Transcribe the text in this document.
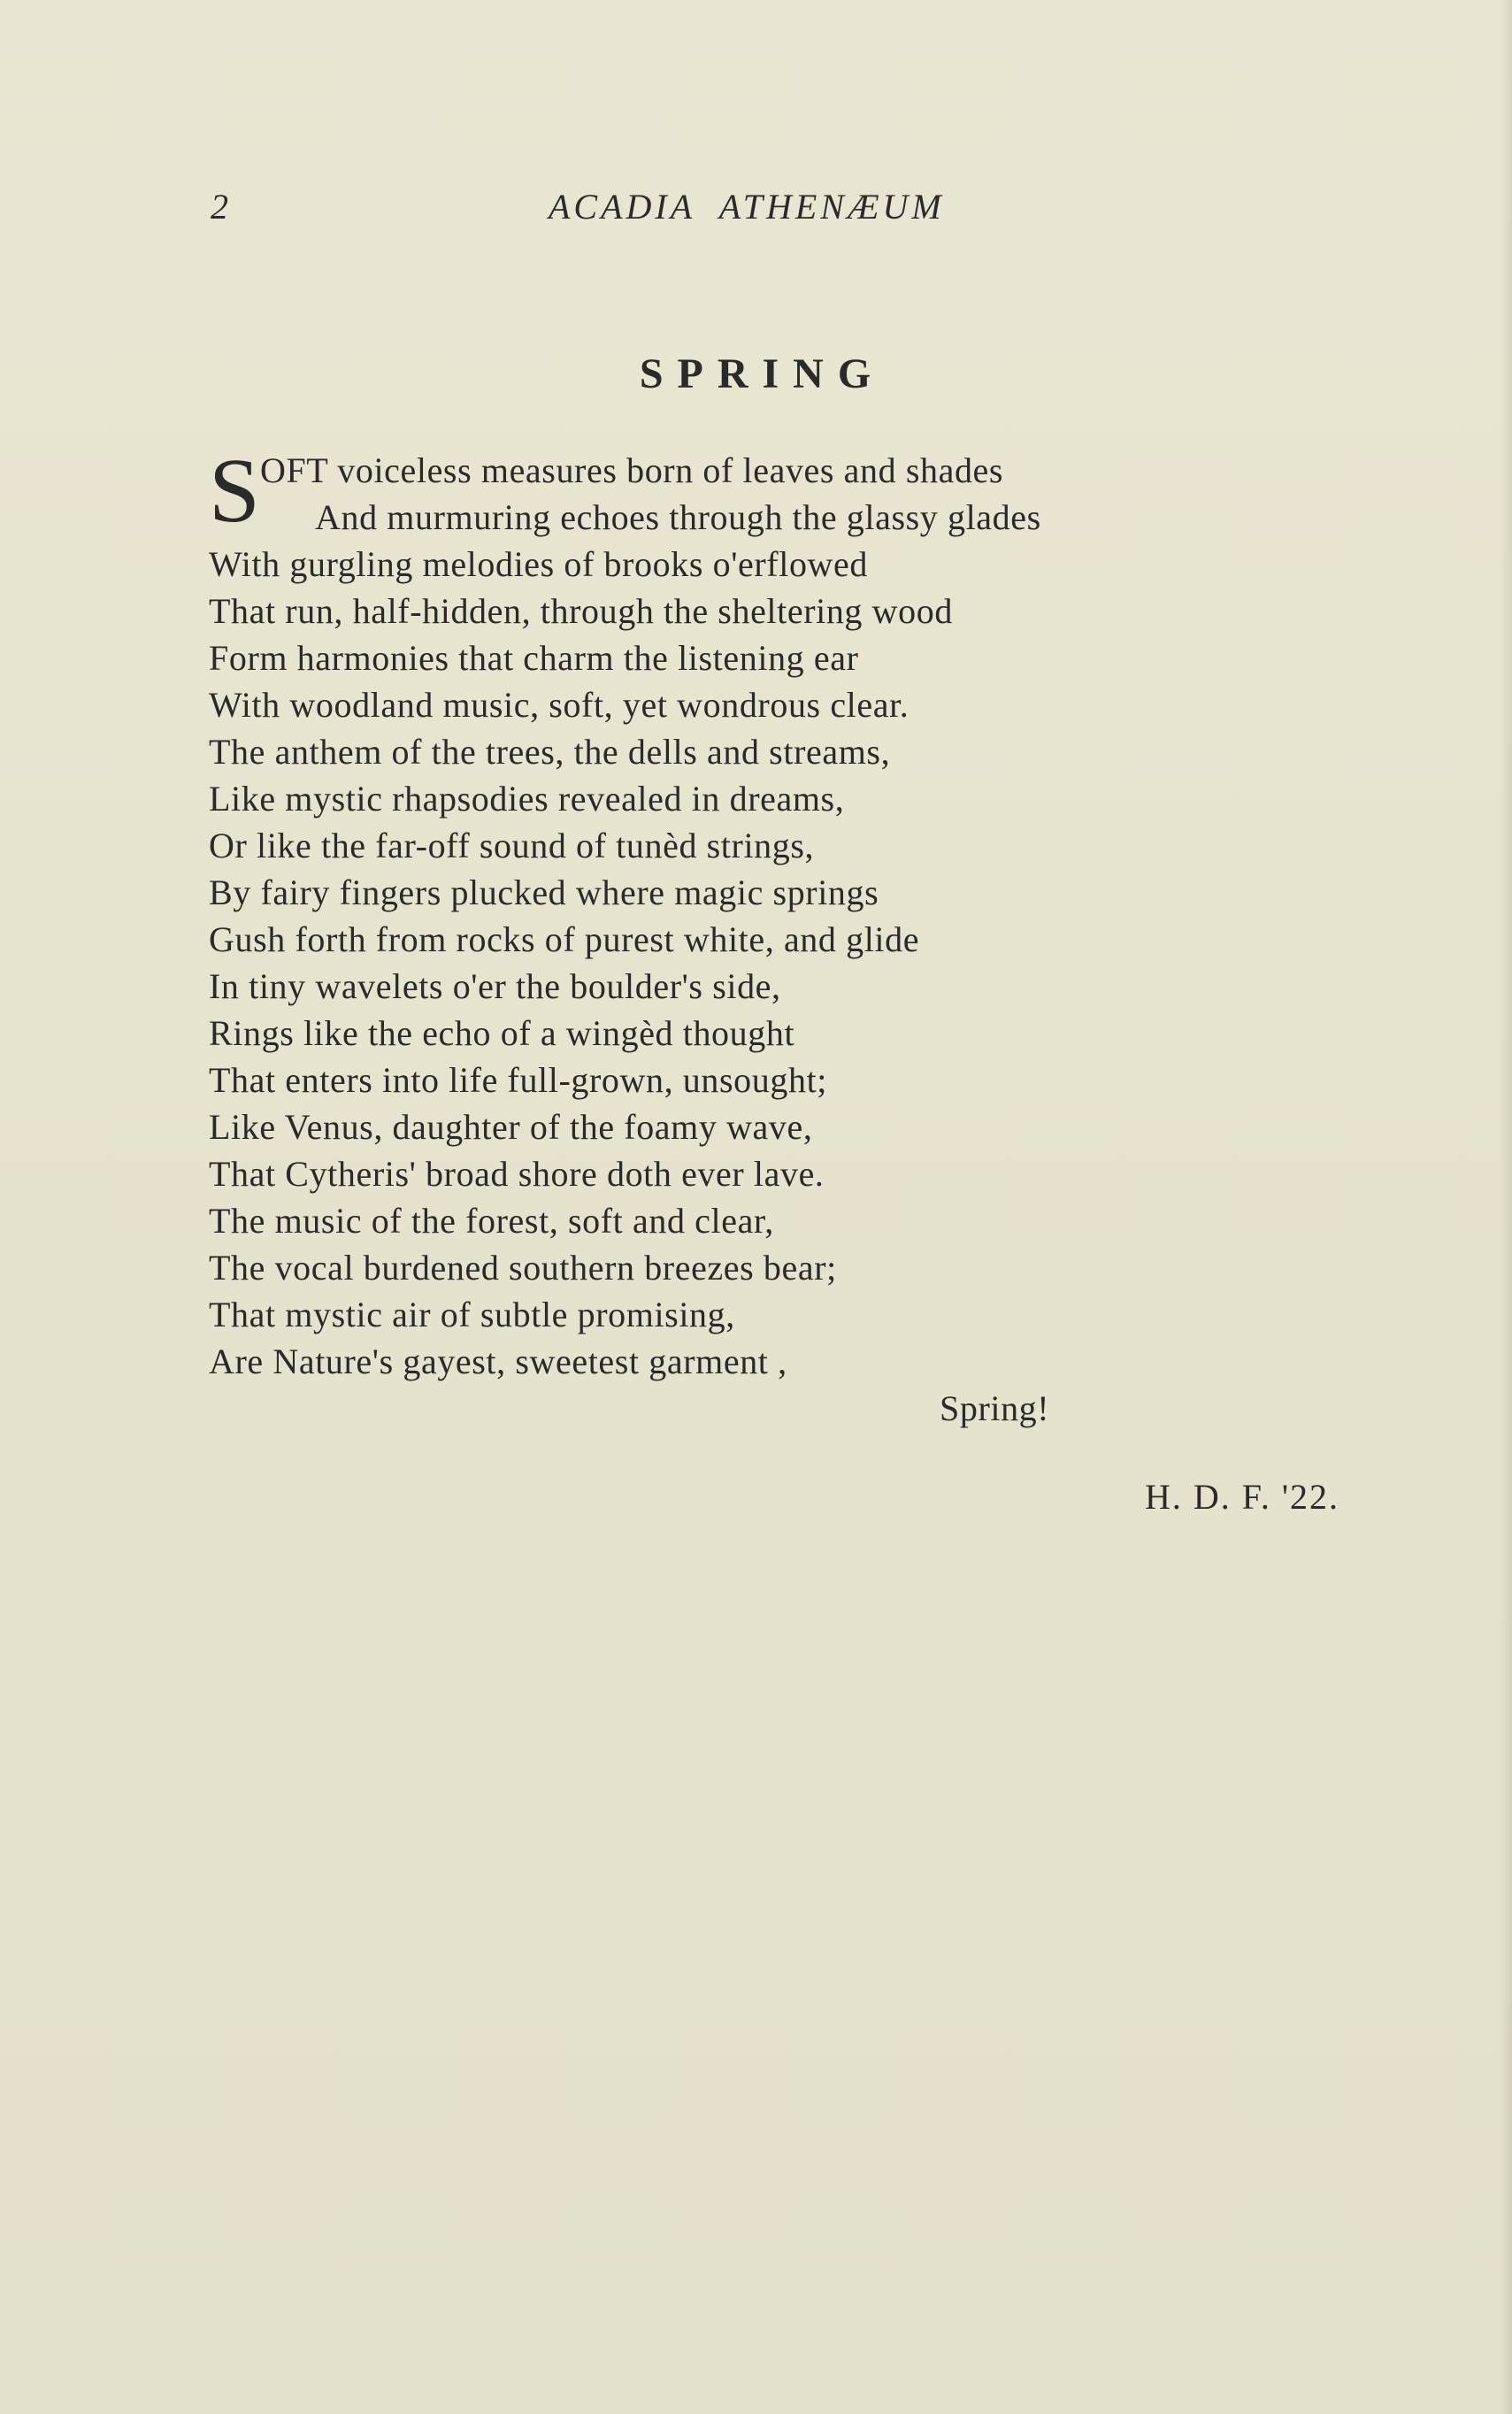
2	ACADIA  ATHENÆUM
SPRING
S OFT voiceless measures born of leaves and shades
And murmuring echoes through the glassy glades
With gurgling melodies of brooks o'erflowed
That run, half-hidden, through the sheltering wood
Form harmonies that charm the listening ear
With woodland music, soft, yet wondrous clear.
The anthem of the trees, the dells and streams,
Like mystic rhapsodies revealed in dreams,
Or like the far-off sound of tunèd strings,
By fairy fingers plucked where magic springs
Gush forth from rocks of purest white, and glide
In tiny wavelets o'er the boulder's side,
Rings like the echo of a wingèd thought
That enters into life full-grown, unsought;
Like Venus, daughter of the foamy wave,
That Cytheris' broad shore doth ever lave.
The music of the forest, soft and clear,
The vocal burdened southern breezes bear;
That mystic air of subtle promising,
Are Nature's gayest, sweetest garment ,
Spring!
H. D. F. '22.
